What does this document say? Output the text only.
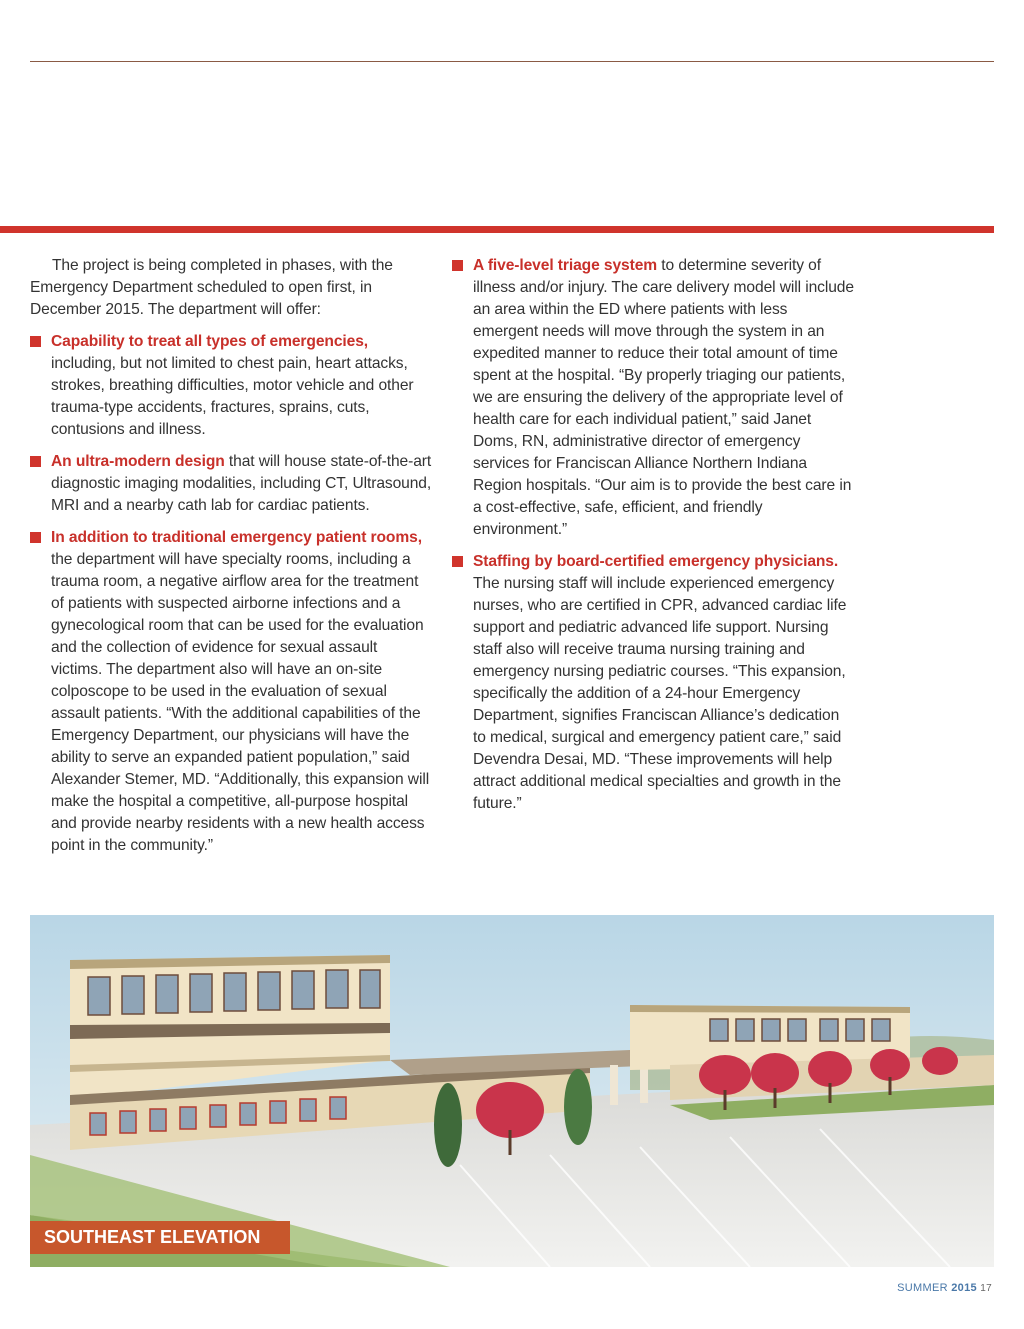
The project is being completed in phases, with the Emergency Department scheduled to open first, in December 2015. The department will offer:

Capability to treat all types of emergencies, including, but not limited to chest pain, heart attacks, strokes, breathing difficulties, motor vehicle and other trauma-type accidents, fractures, sprains, cuts, contusions and illness.
An ultra-modern design that will house state-of-the-art diagnostic imaging modalities, including CT, Ultrasound, MRI and a nearby cath lab for cardiac patients.
In addition to traditional emergency patient rooms, the department will have specialty rooms, including a trauma room, a negative airflow area for the treatment of patients with suspected airborne infections and a gynecological room that can be used for the evaluation and the collection of evidence for sexual assault victims. The department also will have an on-site colposcope to be used in the evaluation of sexual assault patients. “With the additional capabilities of the Emergency Department, our physicians will have the ability to serve an expanded patient population,” said Alexander Stemer, MD. “Additionally, this expansion will make the hospital a competitive, all-purpose hospital and provide nearby residents with a new health access point in the community.”
A five-level triage system to determine severity of illness and/or injury. The care delivery model will include an area within the ED where patients with less emergent needs will move through the system in an expedited manner to reduce their total amount of time spent at the hospital. “By properly triaging our patients, we are ensuring the delivery of the appropriate level of health care for each individual patient,” said Janet Doms, RN, administrative director of emergency services for Franciscan Alliance Northern Indiana Region hospitals. “Our aim is to provide the best care in a cost-effective, safe, efficient, and friendly environment.”
Staffing by board-certified emergency physicians. The nursing staff will include experienced emergency nurses, who are certified in CPR, advanced cardiac life support and pediatric advanced life support. Nursing staff also will receive trauma nursing training and emergency nursing pediatric courses. “This expansion, specifically the addition of a 24-hour Emergency Department, signifies Franciscan Alliance’s dedication to medical, surgical and emergency patient care,” said Devendra Desai, MD. “These improvements will help attract additional medical specialties and growth in the future.”
SOUTHEAST ELEVATION
SUMMER 2015 17
